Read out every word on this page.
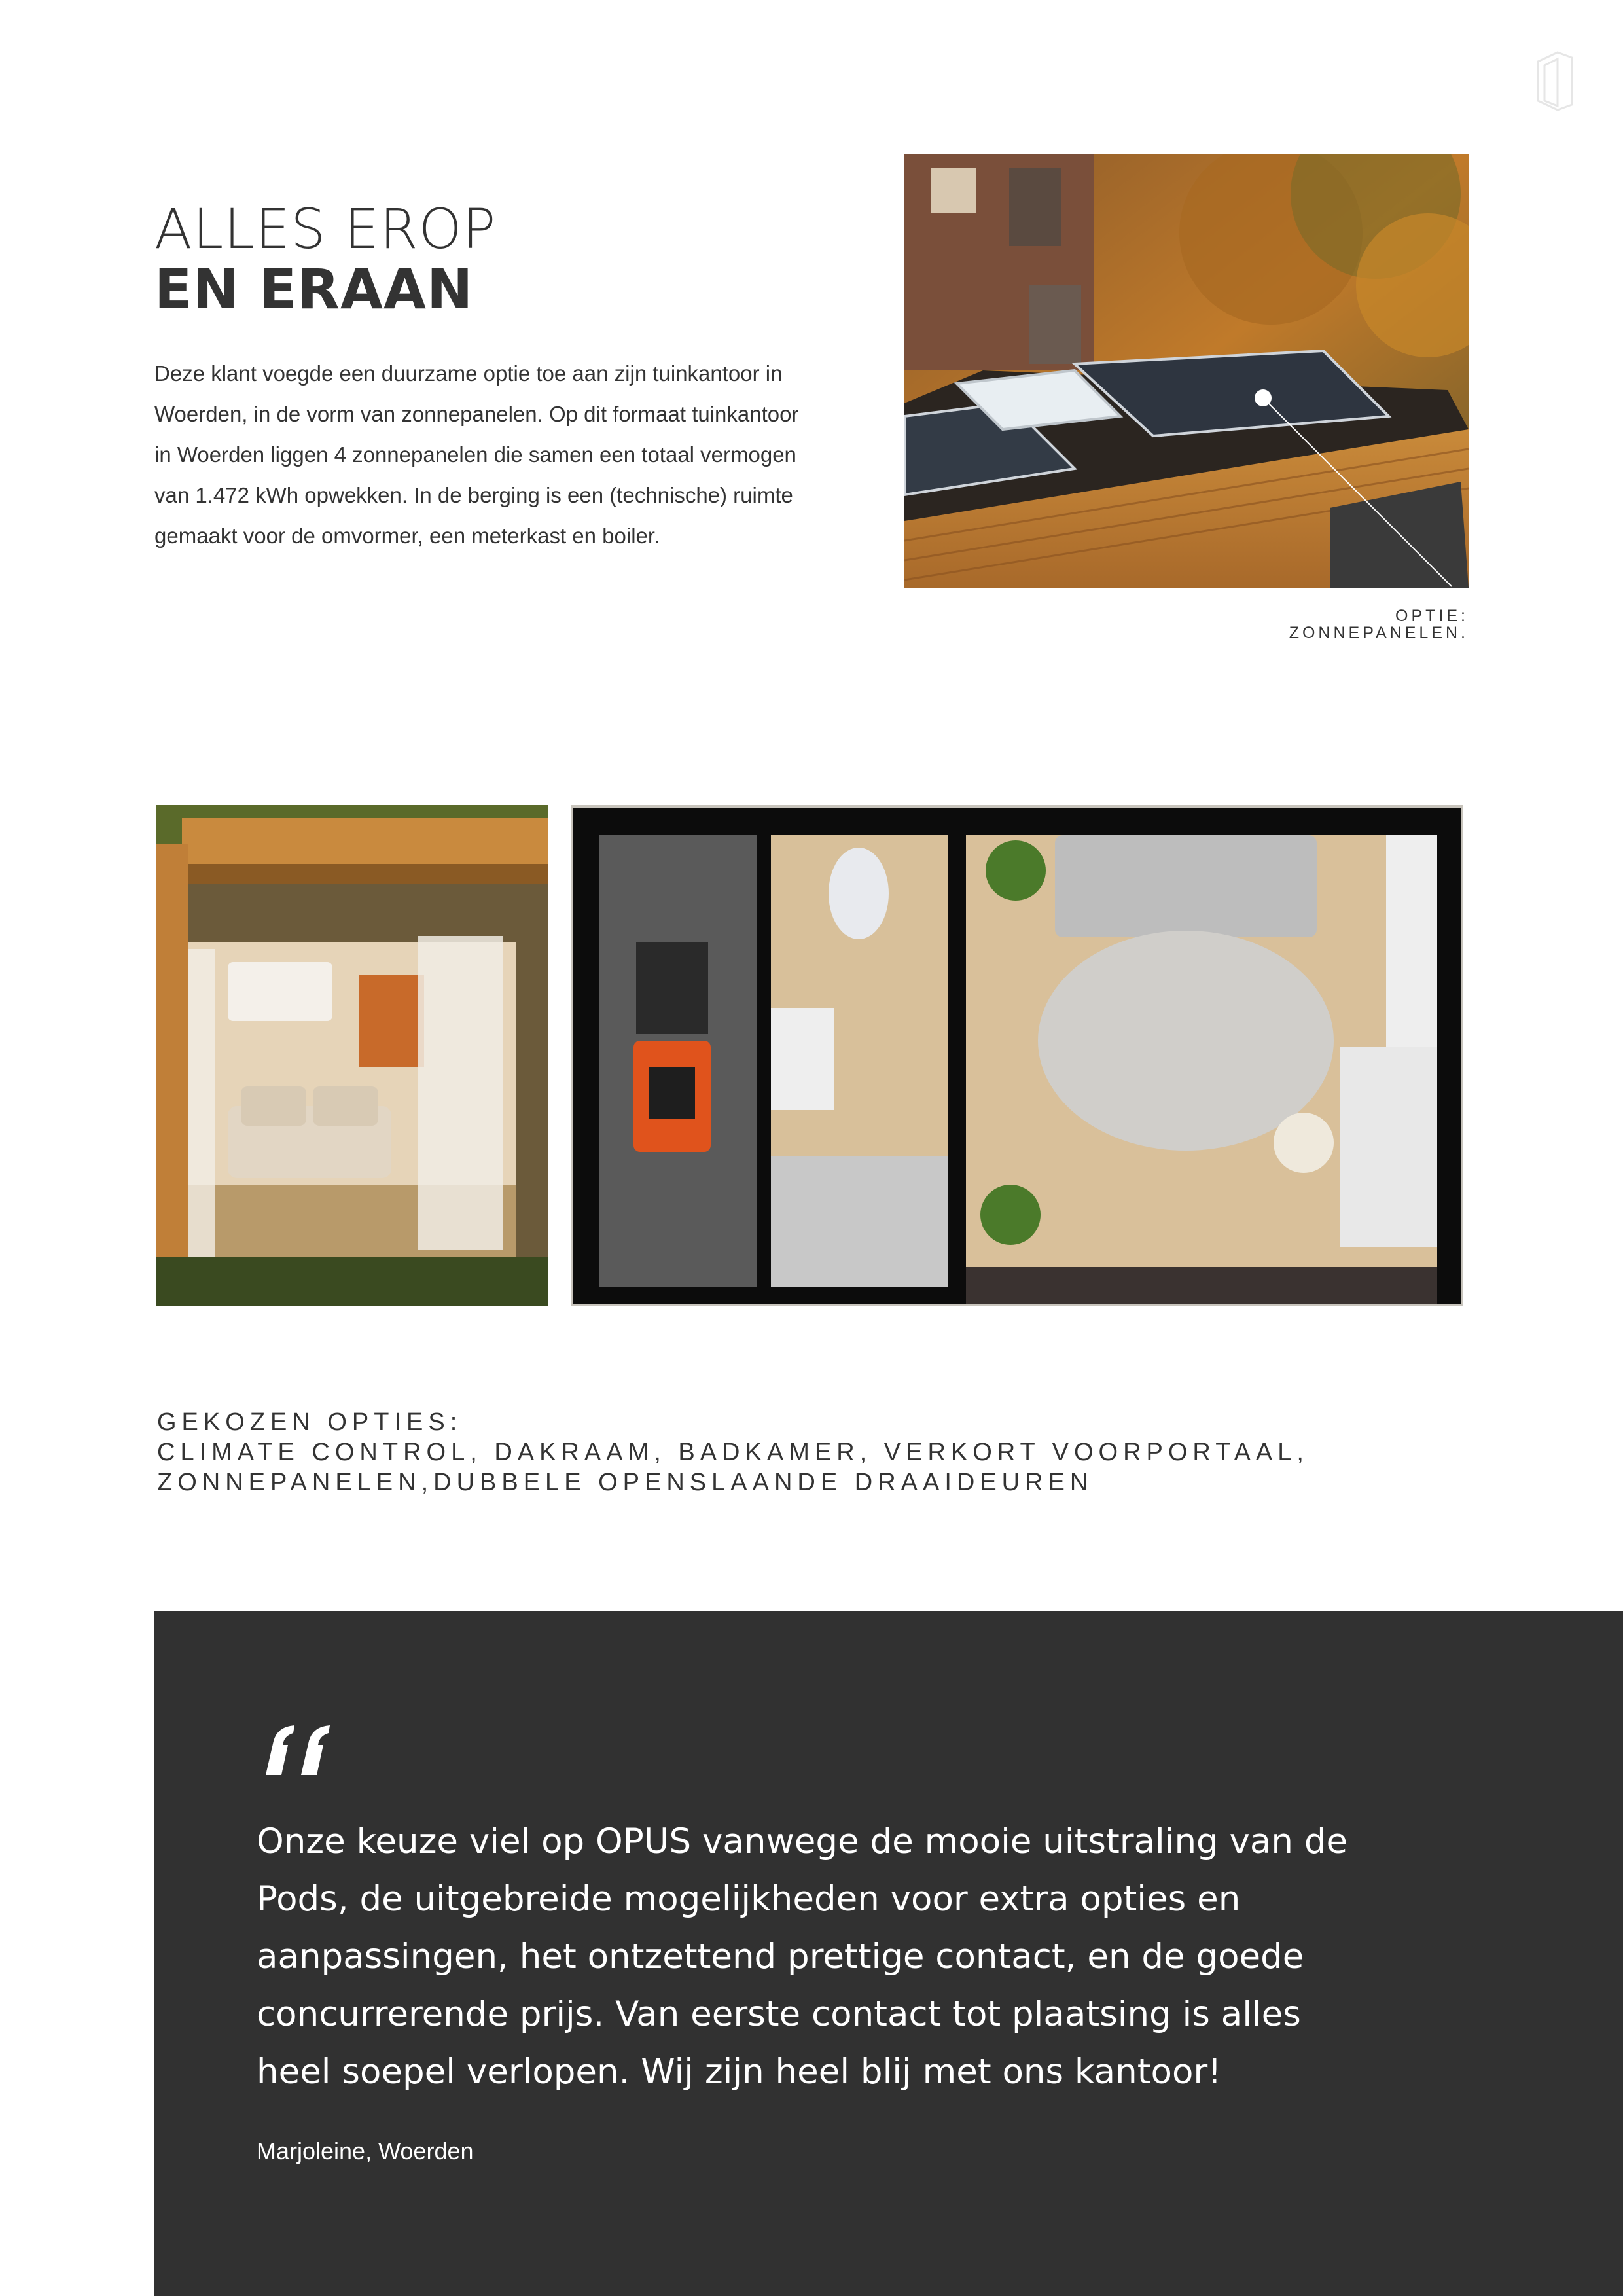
ALLES EROP
EN ERAAN

Deze klant voegde een duurzame optie toe aan zijn tuinkantoor in Woerden, in de vorm van zonnepanelen. Op dit formaat tuinkantoor in Woerden liggen 4 zonnepanelen die samen een totaal vermogen van 1.472 kWh opwekken. In de berging is een (technische) ruimte gemaakt voor de omvormer, een meterkast en boiler.

OPTIE:
ZONNEPANELEN.
GEKOZEN OPTIES:
CLIMATE CONTROL, DAKRAAM, BADKAMER, VERKORT VOORPORTAAL,
ZONNEPANELEN,DUBBELE OPENSLAANDE DRAAIDEUREN

Onze keuze viel op OPUS vanwege de mooie uitstraling van de Pods, de uitgebreide mogelijkheden voor extra opties en aanpassingen, het ontzettend prettige contact, en de goede concurrerende prijs. Van eerste contact tot plaatsing is alles heel soepel verlopen. Wij zijn heel blij met ons kantoor!

Marjoleine, Woerden
